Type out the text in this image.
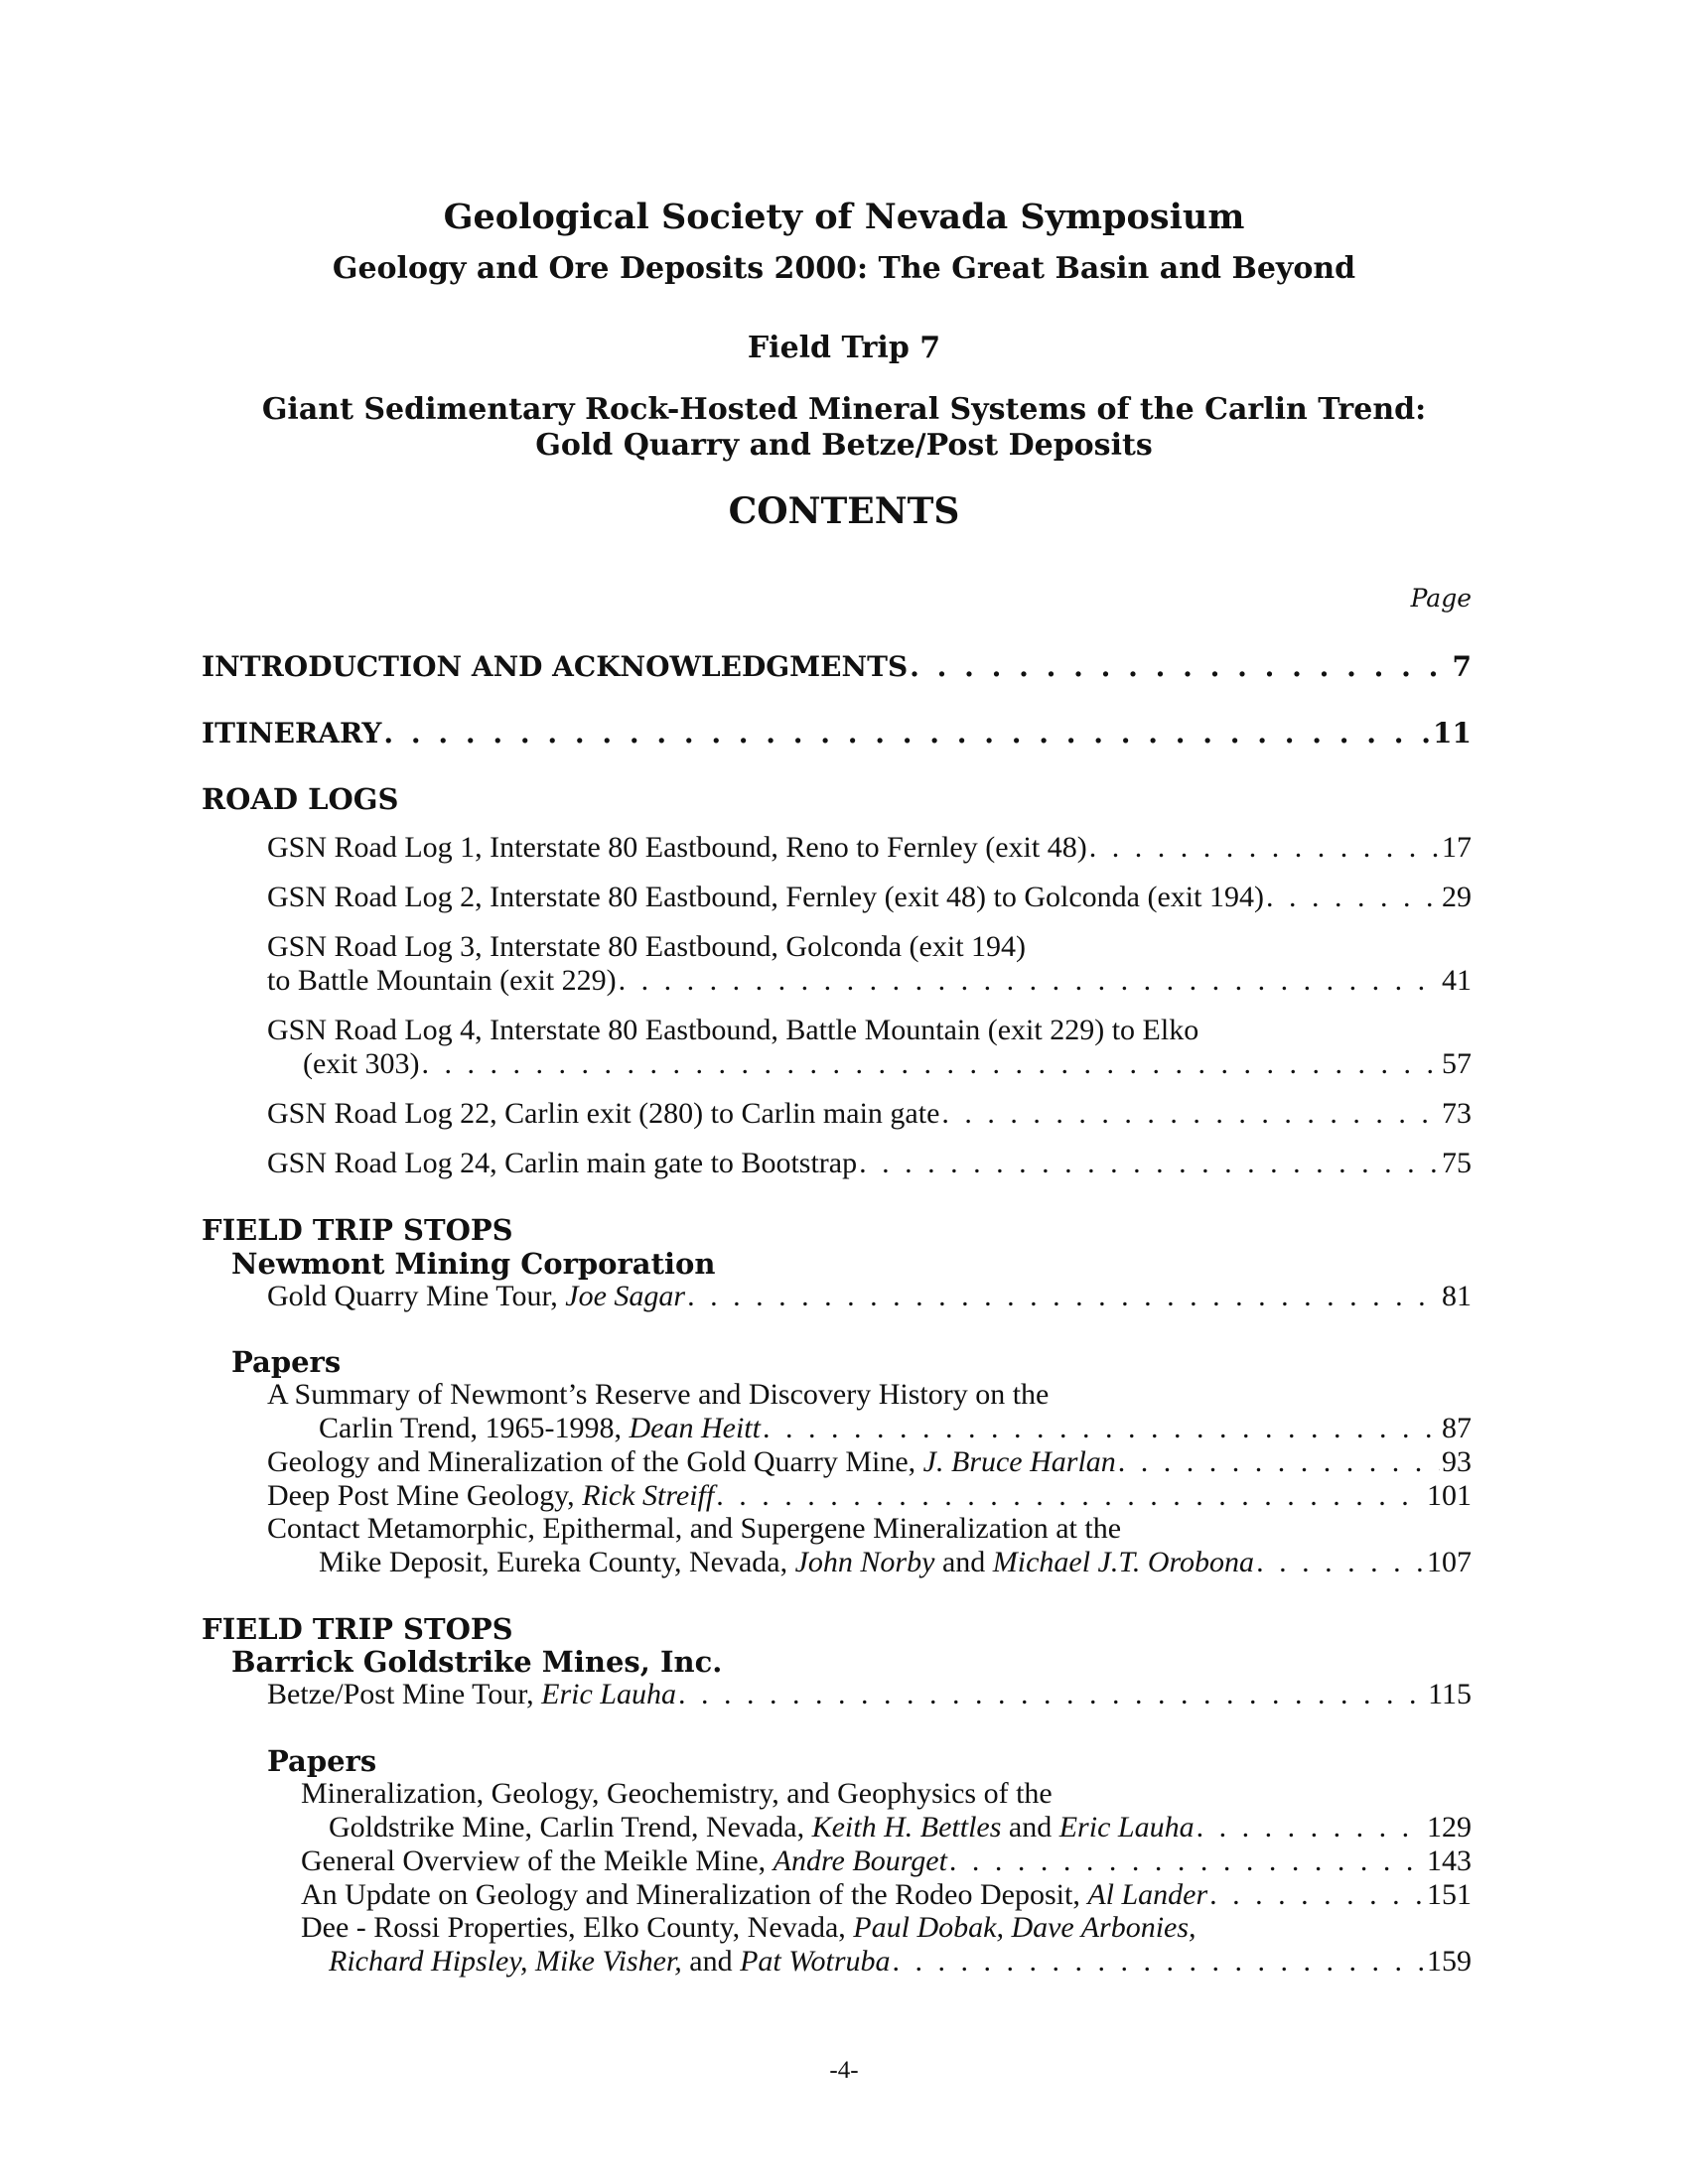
Geological Society of Nevada Symposium
Geology and Ore Deposits 2000: The Great Basin and Beyond
Field Trip 7
Giant Sedimentary Rock-Hosted Mineral Systems of the Carlin Trend:
Gold Quarry and Betze/Post Deposits
CONTENTS
Page
INTRODUCTION AND ACKNOWLEDGMENTS . . .	7
ITINERARY . . .	11
ROAD LOGS
GSN Road Log 1, Interstate 80 Eastbound, Reno to Fernley (exit 48) . . .	17
GSN Road Log 2, Interstate 80 Eastbound, Fernley (exit 48) to Golconda (exit 194) . . .	29
GSN Road Log 3, Interstate 80 Eastbound, Golconda (exit 194)
to Battle Mountain (exit 229) . . .	41
GSN Road Log 4, Interstate 80 Eastbound, Battle Mountain (exit 229) to Elko
(exit 303) . . .	57
GSN Road Log 22, Carlin exit (280) to Carlin main gate . . .	73
GSN Road Log 24, Carlin main gate to Bootstrap . . .	75
FIELD TRIP STOPS
Newmont Mining Corporation
Gold Quarry Mine Tour, Joe Sagar . . .	81
Papers
A Summary of Newmont’s Reserve and Discovery History on the
Carlin Trend, 1965-1998, Dean Heitt . . .	87
Geology and Mineralization of the Gold Quarry Mine, J. Bruce Harlan . . .	93
Deep Post Mine Geology, Rick Streiff . . .	101
Contact Metamorphic, Epithermal, and Supergene Mineralization at the
Mike Deposit, Eureka County, Nevada, John Norby and Michael J.T. Orobona . . .	107
FIELD TRIP STOPS
Barrick Goldstrike Mines, Inc.
Betze/Post Mine Tour, Eric Lauha . . .	115
Papers
Mineralization, Geology, Geochemistry, and Geophysics of the
Goldstrike Mine, Carlin Trend, Nevada, Keith H. Bettles and Eric Lauha . . .	129
General Overview of the Meikle Mine, Andre Bourget . . .	143
An Update on Geology and Mineralization of the Rodeo Deposit, Al Lander . . .	151
Dee - Rossi Properties, Elko County, Nevada, Paul Dobak, Dave Arbonies,
Richard Hipsley, Mike Visher, and Pat Wotruba . . .	159
-4-
